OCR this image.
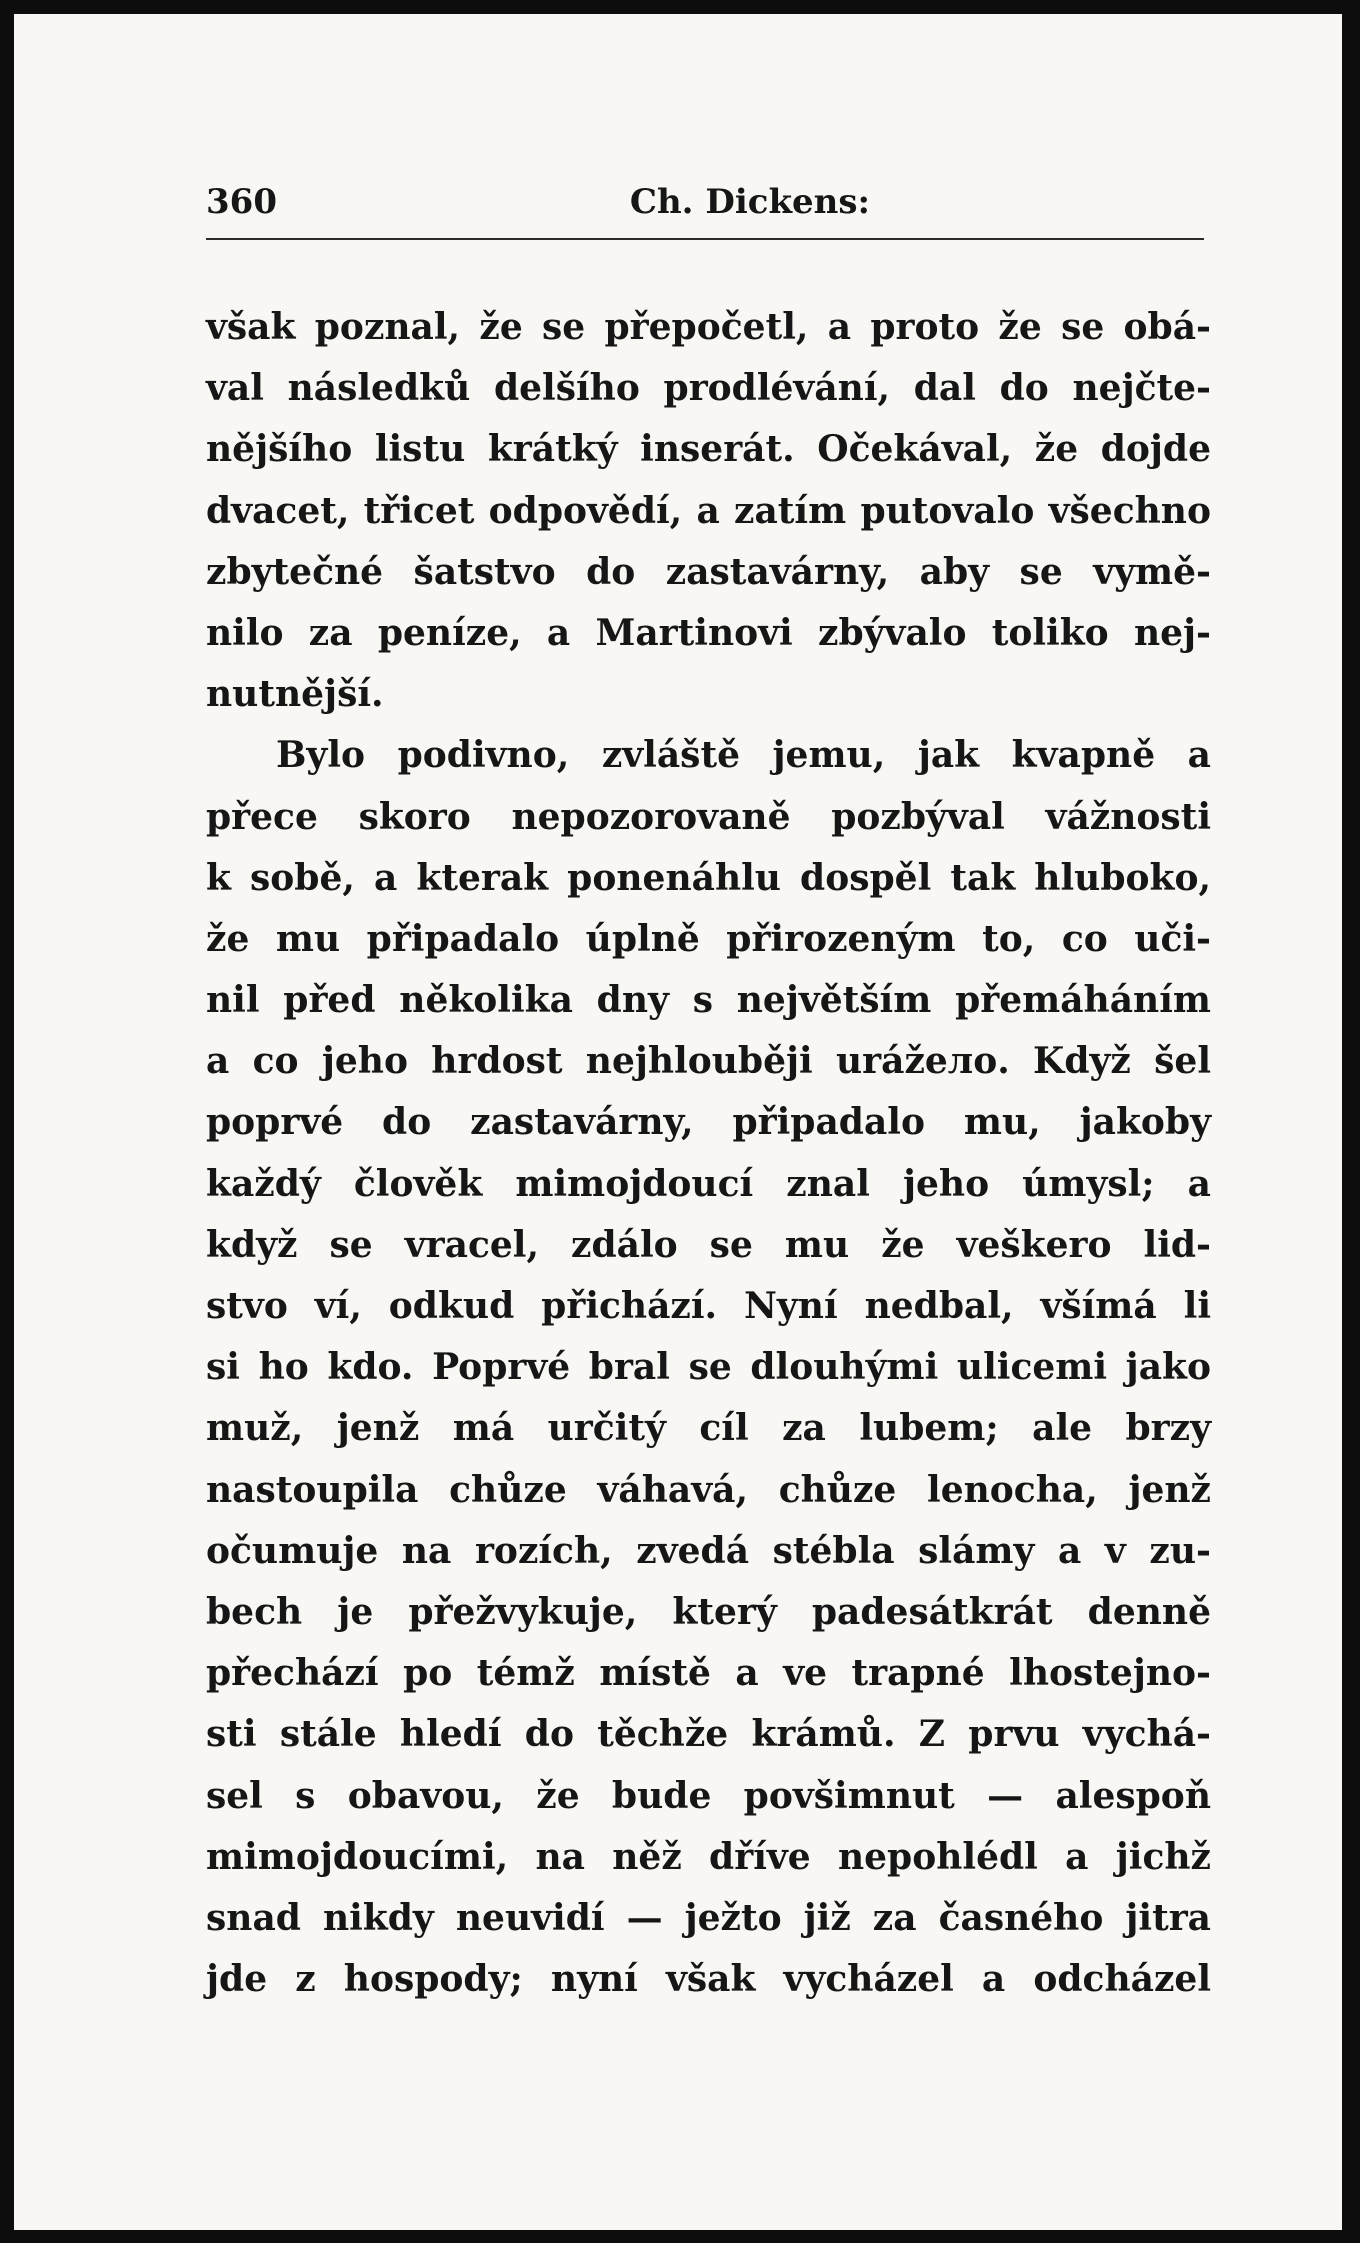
360	Ch. Dickens:
však poznal, že se přepočetl, a proto že se obá-
val následků delšího prodlévání, dal do nejčte-
nějšího listu krátký inserát. Očekával, že dojde
dvacet, třicet odpovědí, a zatím putovalo všechno
zbytečné šatstvo do zastavárny, aby se vymě-
nilo za peníze, a Martinovi zbývalo toliko nej-
nutnější.
Bylo podivno, zvláště jemu, jak kvapně a
přece skoro nepozorovaně pozbýval vážnosti
k sobě, a kterak ponenáhlu dospěl tak hluboko,
že mu připadalo úplně přirozeným to, co uči-
nil před několika dny s největším přemáháním
a co jeho hrdost nejhlouběji urážело. Když šel
poprvé do zastavárny, připadalo mu, jakoby
každý člověk mimojdoucí znal jeho úmysl; a
když se vracel, zdálo se mu že veškero lid-
stvo ví, odkud přichází. Nyní nedbal, všímá li
si ho kdo. Poprvé bral se dlouhými ulicemi jako
muž, jenž má určitý cíl za lubem; ale brzy
nastoupila chůze váhavá, chůze lenocha, jenž
očumuje na rozích, zvedá stébla slámy a v zu-
bech je přežvykuje, který padesátkrát denně
přechází po témž místě a ve trapné lhostejno-
sti stále hledí do těchže krámů. Z prvu vychá-
sel s obavou, že bude povšimnut — alespoň
mimojdoucími, na něž dříve nepohlédl a jichž
snad nikdy neuvidí — ježto již za časného jitra
jde z hospody; nyní však vycházel a odcházel
